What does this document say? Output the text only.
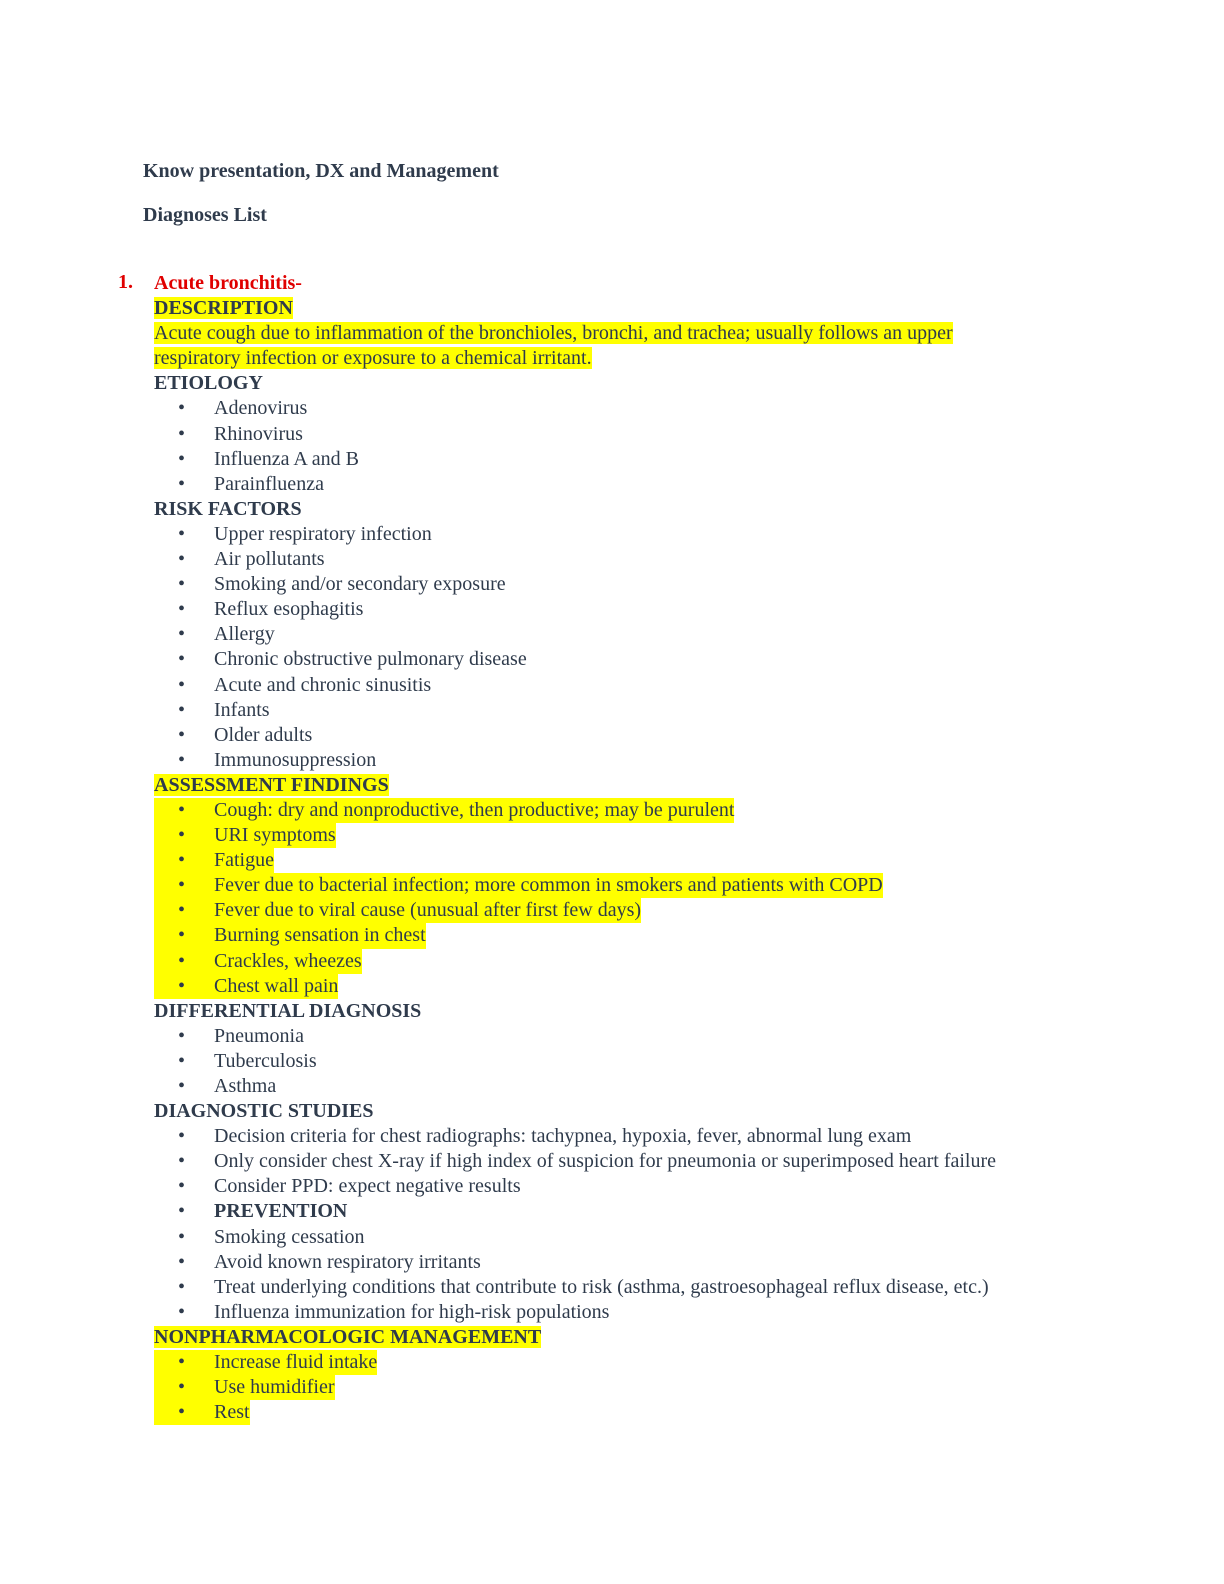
Know presentation, DX and Management
Diagnoses List
1. Acute bronchitis-
DESCRIPTION
Acute cough due to inflammation of the bronchioles, bronchi, and trachea; usually follows an upper
respiratory infection or exposure to a chemical irritant.
ETIOLOGY
•
Adenovirus
•
Rhinovirus
•
Influenza A and B
•
Parainfluenza
RISK FACTORS
•
Upper respiratory infection
•
Air pollutants
•
Smoking and/or secondary exposure
•
Reflux esophagitis
•
Allergy
•
Chronic obstructive pulmonary disease
•
Acute and chronic sinusitis
•
Infants
•
Older adults
•
Immunosuppression
ASSESSMENT FINDINGS
•
Cough: dry and nonproductive, then productive; may be purulent
•
URI symptoms
•
Fatigue
•
Fever due to bacterial infection; more common in smokers and patients with COPD
•
Fever due to viral cause (unusual after first few days)
•
Burning sensation in chest
•
Crackles, wheezes
•
Chest wall pain
DIFFERENTIAL DIAGNOSIS
•
Pneumonia
•
Tuberculosis
•
Asthma
DIAGNOSTIC STUDIES
•
Decision criteria for chest radiographs: tachypnea, hypoxia, fever, abnormal lung exam
•
Only consider chest X-ray if high index of suspicion for pneumonia or superimposed heart failure
•
Consider PPD: expect negative results
•
PREVENTION
•
Smoking cessation
•
Avoid known respiratory irritants
•
Treat underlying conditions that contribute to risk (asthma, gastroesophageal reflux disease, etc.)
•
Influenza immunization for high-risk populations
NONPHARMACOLOGIC MANAGEMENT
•
Increase fluid intake
•
Use humidifier
•
Rest
